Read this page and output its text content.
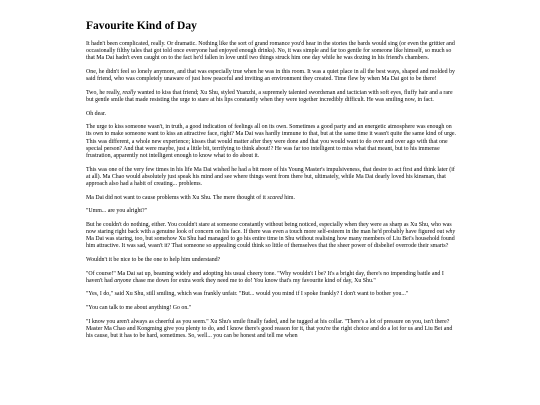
Favourite Kind of Day

It hadn't been complicated, really. Or dramatic. Nothing like the sort of grand romance you'd hear in the stories the bards would sing (or even the grittier and occasionally filthy tales that got told once everyone had enjoyed enough drinks). No, it was simple and far too gentle for someone like himself, so much so that Ma Dai hadn't even caught on to the fact he'd fallen in love until two things struck him one day while he was dozing in his friend's chambers.

One, he didn't feel so lonely anymore, and that was especially true when he was in this room. It was a quiet place in all the best ways, shaped and molded by said friend, who was completely unaware of just how peaceful and inviting an environment they created. Time flew by when Ma Dai got to be there!

Two, he really, really wanted to kiss that friend; Xu Shu, styled Yuanzhi, a supremely talented swordsman and tactician with soft eyes, fluffy hair and a rare but gentle smile that made resisting the urge to stare at his lips constantly when they were together incredibly difficult. He was smiling now, in fact.

Oh dear.

The urge to kiss someone wasn't, in truth, a good indication of feelings all on its own. Sometimes a good party and an energetic atmosphere was enough on its own to make someone want to kiss an attractive face, right? Ma Dai was hardly immune to that, but at the same time it wasn't quite the same kind of urge. This was different, a whole new experience; kisses that would matter after they were done and that you would want to do over and over ago with that one special person? And that were maybe, just a little bit, terrifying to think about!? He was far too intelligent to miss what that meant, but to his immense frustration, apparently not intelligent enough to know what to do about it.

This was one of the very few times in his life Ma Dai wished he had a bit more of his Young Master's impulsiveness, that desire to act first and think later (if at all). Ma Chao would absolutely just speak his mind and see where things went from there but, ultimately, while Ma Dai dearly loved his kinsman, that approach also had a habit of creating... problems.

Ma Dai did not want to cause problems with Xu Shu. The mere thought of it scared him.

"Umm... are you alright?"

But he couldn't do nothing, either. You couldn't stare at someone constantly without being noticed, especially when they were as sharp as Xu Shu, who was now staring right back with a genuine look of concern on his face. If there was even a touch more self-esteem in the man he'd probably have figured out why Ma Dai was staring, too, but somehow Xu Shu had managed to go his entire time in Shu without realising how many members of Liu Bei's household found him attractive. It was sad, wasn't it? That someone so appealing could think so little of themselves that the sheer power of disbelief overrode their smarts?

Wouldn't it be nice to be the one to help him understand?

"Of course!" Ma Dai sat up, beaming widely and adopting his usual cheery tone. "Why wouldn't I be? It's a bright day, there's no impending battle and I haven't had anyone chase me down for extra work they need me to do! You know that's my favourite kind of day, Xu Shu."

"Yes, I do," said Xu Shu, still smiling, which was frankly unfair. "But... would you mind if I spoke frankly? I don't want to bother you..."

"You can talk to me about anything! Go on."

"I know you aren't always as cheerful as you seem." Xu Shu's smile finally faded, and he tugged at his collar. "There's a lot of pressure on you, isn't there? Master Ma Chao and Kongming give you plenty to do, and I know there's good reason for it, that you're the right choice and do a lot for us and Liu Bei and his cause, but it has to be hard, sometimes. So, well... you can be honest and tell me when
